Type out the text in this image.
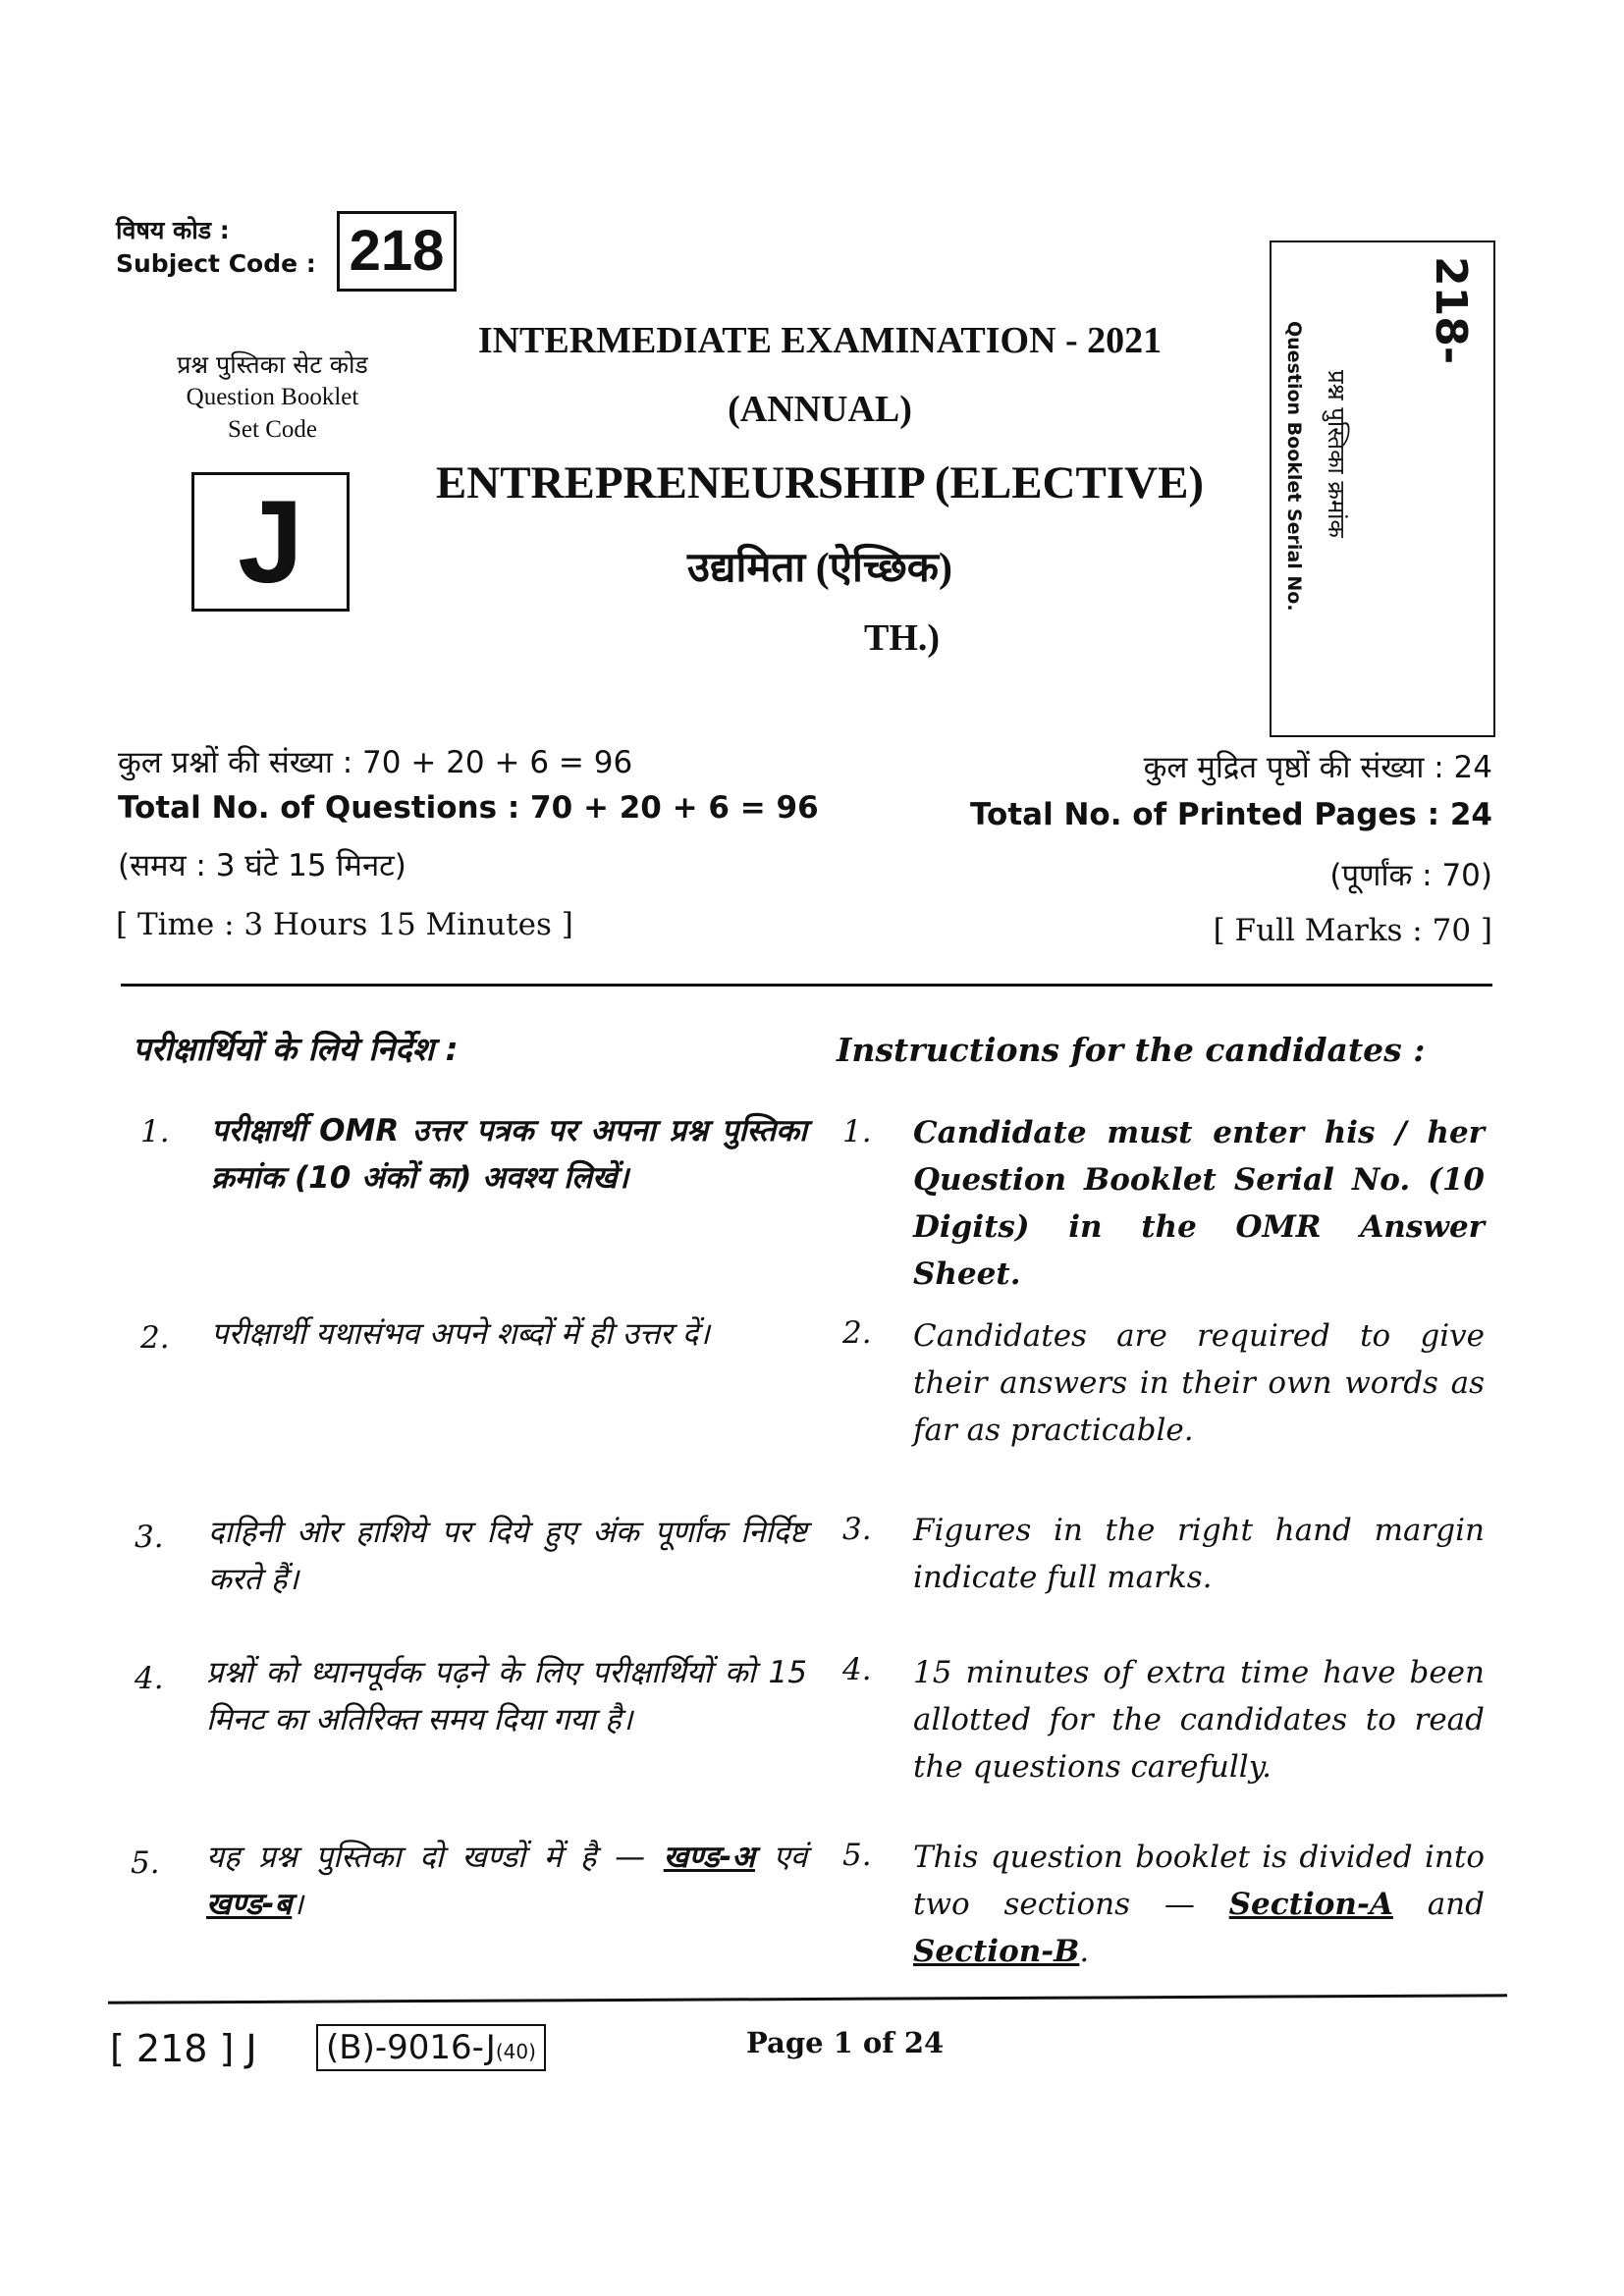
विषय कोड :
Subject Code : 218
INTERMEDIATE EXAMINATION - 2021
(ANNUAL)
ENTREPRENEURSHIP (ELECTIVE)
उद्यमिता (ऐच्छिक)
TH.)
प्रश्न पुस्तिका सेट कोड
Question Booklet
Set Code
J
218-
प्रश्न पुस्तिका क्रमांक
Question Booklet Serial No.
कुल प्रश्नों की संख्या : 70 + 20 + 6 = 96
Total No. of Questions : 70 + 20 + 6 = 96
(समय : 3 घंटे 15 मिनट)
[ Time : 3 Hours 15 Minutes ]
कुल मुद्रित पृष्ठों की संख्या : 24
Total No. of Printed Pages : 24
(पूर्णांक : 70)
[ Full Marks : 70 ]
परीक्षार्थियों के लिये निर्देश :	Instructions for the candidates :
1. परीक्षार्थी OMR उत्तर पत्रक पर अपना प्रश्न पुस्तिका क्रमांक (10 अंकों का) अवश्य लिखें।
1. Candidate must enter his / her Question Booklet Serial No. (10 Digits) in the OMR Answer Sheet.
2. परीक्षार्थी यथासंभव अपने शब्दों में ही उत्तर दें।	2. Candidates are required to give their answers in their own words as far as practicable.
3. दाहिनी ओर हाशिये पर दिये हुए अंक पूर्णांक निर्दिष्ट करते हैं।
3. Figures in the right hand margin indicate full marks.
4. प्रश्नों को ध्यानपूर्वक पढ़ने के लिए परीक्षार्थियों को 15 मिनट का अतिरिक्त समय दिया गया है।
4. 15 minutes of extra time have been allotted for the candidates to read the questions carefully.
5. यह प्रश्न पुस्तिका दो खण्डों में है — खण्ड-अ एवं खण्ड-ब।
5. This question booklet is divided into two sections — Section-A and Section-B.
[ 218 ] J (B)-9016-J(40)	Page 1 of 24
